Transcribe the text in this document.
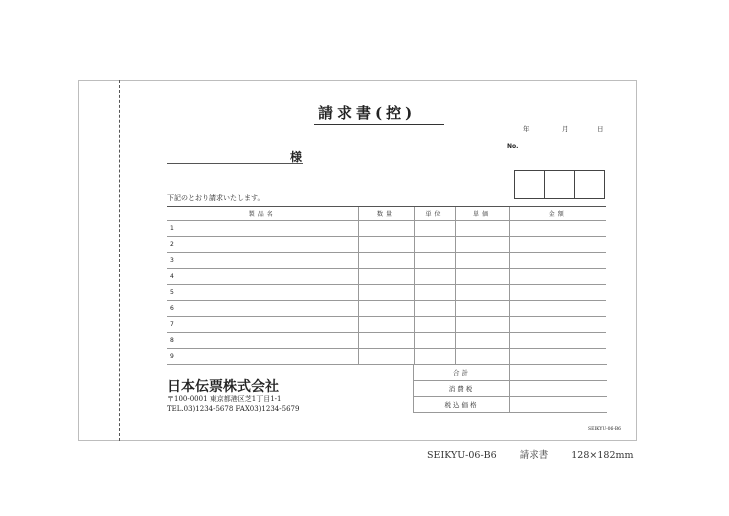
請求書(控)
年	月	日
No.
様
下記のとおり請求いたします。
製品名	数量	単位	単価	金額
1				
2				
3				
4				
5				
6				
7				
8				
9				
合計	
消費税	
税込価格	
日本伝票株式会社
〒100-0001 東京都港区芝1丁目1-1
TEL.03)1234-5678 FAX03)1234-5679
SEIKYU-06-B6
SEIKYU-06-B6 請求書 128×182mm
